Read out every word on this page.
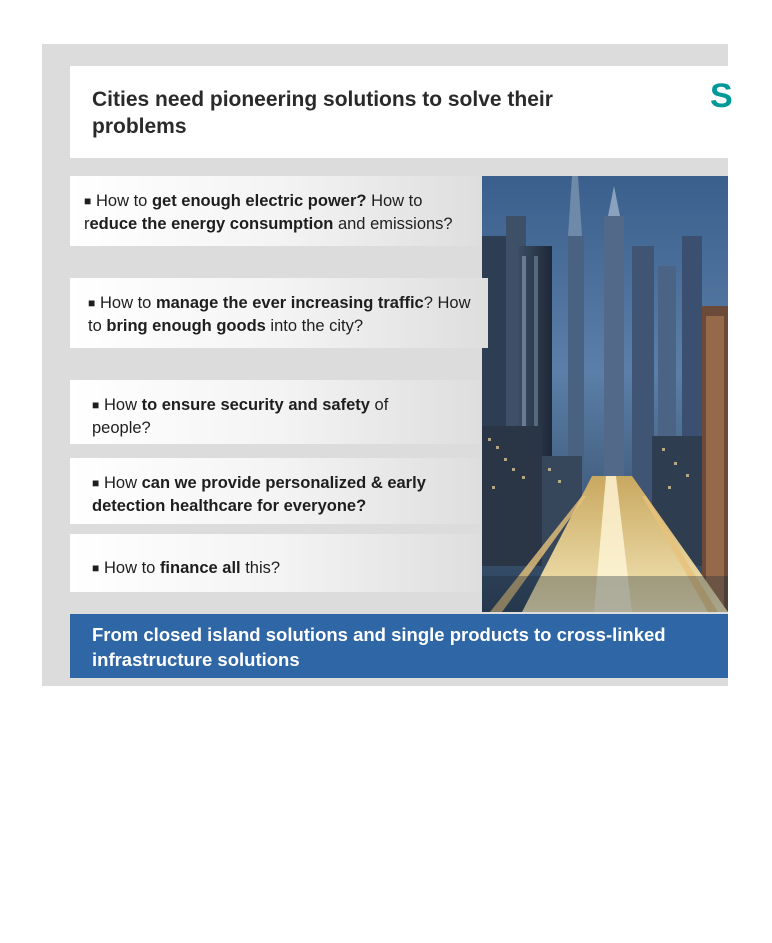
Cities need pioneering solutions to solve their problems
S

■ How to get enough electric power? How to reduce the energy consumption and emissions?

■ How to manage the ever increasing traffic? How to bring enough goods into the city?

■ How to ensure security and safety of people?

■ How can we provide personalized & early detection healthcare for everyone?

■ How to finance all this?

From closed island solutions and single products to cross-linked
infrastructure solutions
